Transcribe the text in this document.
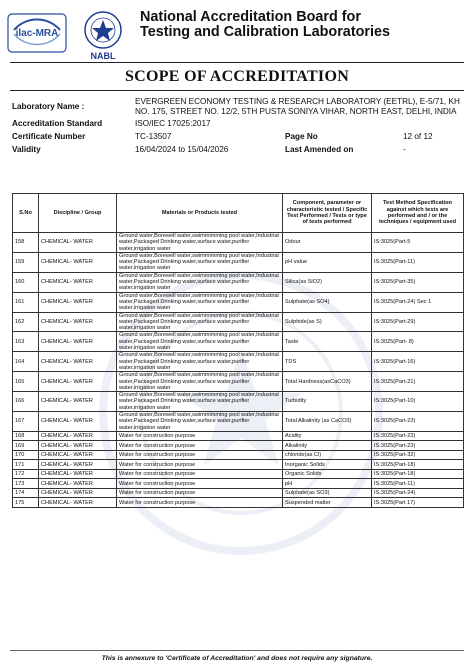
ilac-MRA
NABL
National Accreditation Board for
Testing and Calibration Laboratories
SCOPE OF ACCREDITATION
Laboratory Name :
EVERGREEN ECONOMY TESTING & RESEARCH LABORATORY (EETRL), E-5/71, KH NO. 175, STREET NO. 12/2, 5TH PUSTA SONIYA VIHAR, NORTH EAST, DELHI, INDIA
Accreditation Standard	ISO/IEC 17025:2017
Certificate Number	TC-13507	Page No	12 of 12
Validity	16/04/2024 to 15/04/2026	Last Amended on	-
S.No	Discipline / Group	Materials or Products tested	Component, parameter or characteristic tested / Specific Test Performed / Tests or type of tests performed	Test Method Specification against which tests are performed and / or the techniques / equipment used
158	CHEMICAL- WATER	Ground water,Borewell water,swimmimming pool water,Industrial water,Packaged Drinking water,surface water,purifier water,irrigation water	Odour	IS:3025(Part-5
159	CHEMICAL- WATER	Ground water,Borewell water,swimmimming pool water,Industrial water,Packaged Drinking water,surface water,purifier water,irrigation water	pH value	IS:3025(Part-11)
160	CHEMICAL- WATER	Ground water,Borewell water,swimmimming pool water,Industrial water,Packaged Drinking water,surface water,purifier water,irrigation water	Silica(as SiO2)	IS:3025(Part-35)
161	CHEMICAL- WATER	Ground water,Borewell water,swimmimming pool water,Industrial water,Packaged Drinking water,surface water,purifier water,irrigation water	Sulphate(as SO4)	IS:3025(Part-24) Sec 1
162	CHEMICAL- WATER	Ground water,Borewell water,swimmimming pool water,Industrial water,Packaged Drinking water,surface water,purifier water,irrigation water	Sulphide(as S)	IS:3025(Part-29)
163	CHEMICAL- WATER	Ground water,Borewell water,swimmimming pool water,Industrial water,Packaged Drinking water,surface water,purifier water,irrigation water	Taste	IS:3025(Part- 8)
164	CHEMICAL- WATER	Ground water,Borewell water,swimmimming pool water,Industrial water,Packaged Drinking water,surface water,purifier water,irrigation water	TDS	IS:3025(Part-16)
165	CHEMICAL- WATER	Ground water,Borewell water,swimmimming pool water,Industrial water,Packaged Drinking water,surface water,purifier water,irrigation water	Total Hardness(asCaCO3)	IS:3025(Part-21)
166	CHEMICAL- WATER	Ground water,Borewell water,swimmimming pool water,Industrial water,Packaged Drinking water,surface water,purifier water,irrigation water	Turbidity	IS:3025(Part-10)
167	CHEMICAL- WATER	Ground water,Borewell water,swimmimming pool water,Industrial water,Packaged Drinking water,surface water,purifier water,irrigation water	Total Alkalinity (as CaCO3)	IS:3025(Part-23)
168	CHEMICAL- WATER	Water for construction purpose	Acidity	IS:3025(Part-23)
169	CHEMICAL- WATER	Water for construction purpose	Alkalinity	IS:3025(Part-23)
170	CHEMICAL- WATER	Water for construction purpose	chloride(as Cl)	IS:3025(Part-32)
171	CHEMICAL- WATER	Water for construction purpose	Inorganic Solids	IS:3025(Part-18)
172	CHEMICAL- WATER	Water for construction purpose	Organic Solids	IS:3025(Part-18)
173	CHEMICAL- WATER	Water for construction purpose	pH	IS:3025(Part-11)
174	CHEMICAL- WATER	Water for construction purpose	Sulphate(as SO3)	IS:3025(Part-24)
175	CHEMICAL- WATER	Water for construction purpose	Suspended matter	IS:3025(Part 17)
This is annexure to 'Certificate of Accreditation' and does not require any signature.
